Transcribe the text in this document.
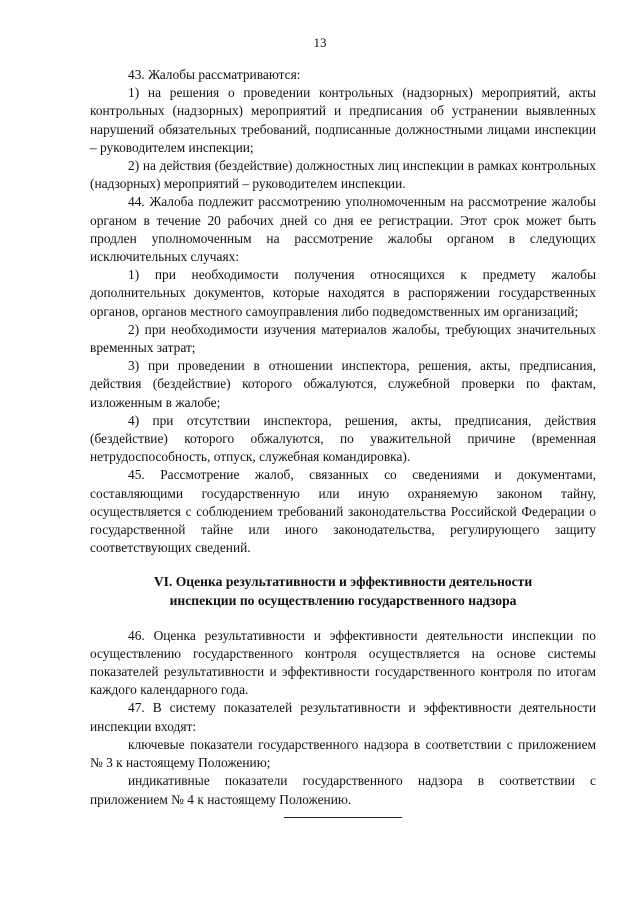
13

43. Жалобы рассматриваются:

1) на решения о проведении контрольных (надзорных) мероприятий, акты контрольных (надзорных) мероприятий и предписания об устранении выявленных нарушений обязательных требований, подписанные должностными лицами инспекции – руководителем инспекции;

2) на действия (бездействие) должностных лиц инспекции в рамках контрольных (надзорных) мероприятий – руководителем инспекции.

44. Жалоба подлежит рассмотрению уполномоченным на рассмотрение жалобы органом в течение 20 рабочих дней со дня ее регистрации. Этот срок может быть продлен уполномоченным на рассмотрение жалобы органом в следующих исключительных случаях:

1) при необходимости получения относящихся к предмету жалобы дополнительных документов, которые находятся в распоряжении государственных органов, органов местного самоуправления либо подведомственных им организаций;

2) при необходимости изучения материалов жалобы, требующих значительных временных затрат;

3) при проведении в отношении инспектора, решения, акты, предписания, действия (бездействие) которого обжалуются, служебной проверки по фактам, изложенным в жалобе;

4) при отсутствии инспектора, решения, акты, предписания, действия (бездействие) которого обжалуются, по уважительной причине (временная нетрудоспособность, отпуск, служебная командировка).

45. Рассмотрение жалоб, связанных со сведениями и документами, составляющими государственную или иную охраняемую законом тайну, осуществляется с соблюдением требований законодательства Российской Федерации о государственной тайне или иного законодательства, регулирующего защиту соответствующих сведений.

VI. Оценка результативности и эффективности деятельности
инспекции по осуществлению государственного надзора

46. Оценка результативности и эффективности деятельности инспекции по осуществлению государственного контроля осуществляется на основе системы показателей результативности и эффективности государственного контроля по итогам каждого календарного года.

47. В систему показателей результативности и эффективности деятельности инспекции входят:

ключевые показатели государственного надзора в соответствии с приложением № 3 к настоящему Положению;

индикативные показатели государственного надзора в соответствии с приложением № 4 к настоящему Положению.
